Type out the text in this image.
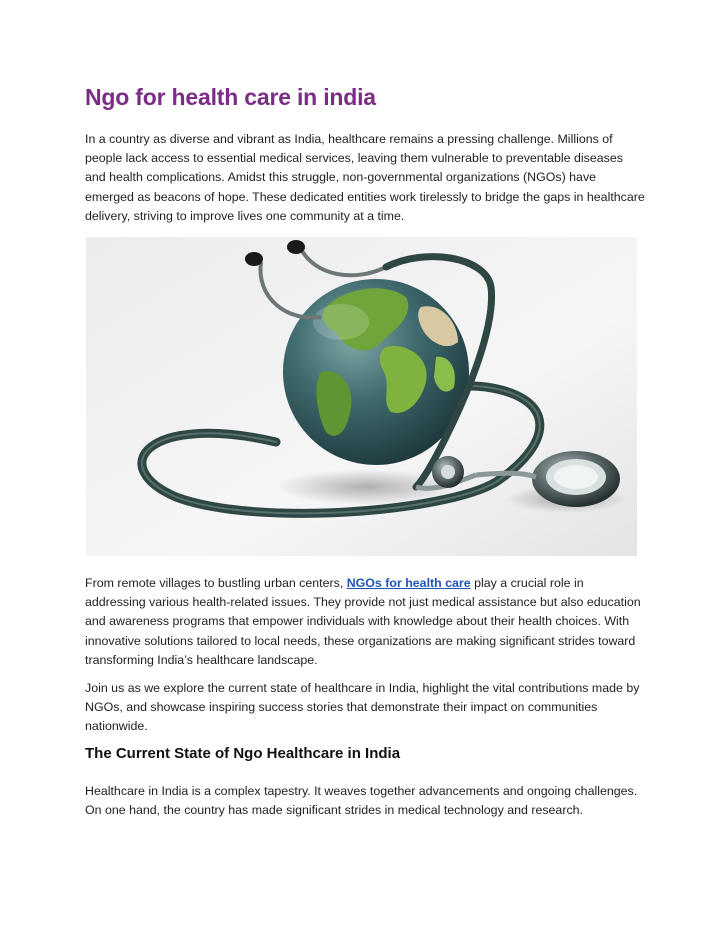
Ngo for health care in india

In a country as diverse and vibrant as India, healthcare remains a pressing challenge. Millions of people lack access to essential medical services, leaving them vulnerable to preventable diseases and health complications. Amidst this struggle, non-governmental organizations (NGOs) have emerged as beacons of hope. These dedicated entities work tirelessly to bridge the gaps in healthcare delivery, striving to improve lives one community at a time.

From remote villages to bustling urban centers, NGOs for health care play a crucial role in addressing various health-related issues. They provide not just medical assistance but also education and awareness programs that empower individuals with knowledge about their health choices. With innovative solutions tailored to local needs, these organizations are making significant strides toward transforming India’s healthcare landscape.

Join us as we explore the current state of healthcare in India, highlight the vital contributions made by NGOs, and showcase inspiring success stories that demonstrate their impact on communities nationwide.

The Current State of Ngo Healthcare in India

Healthcare in India is a complex tapestry. It weaves together advancements and ongoing challenges. On one hand, the country has made significant strides in medical technology and research.
